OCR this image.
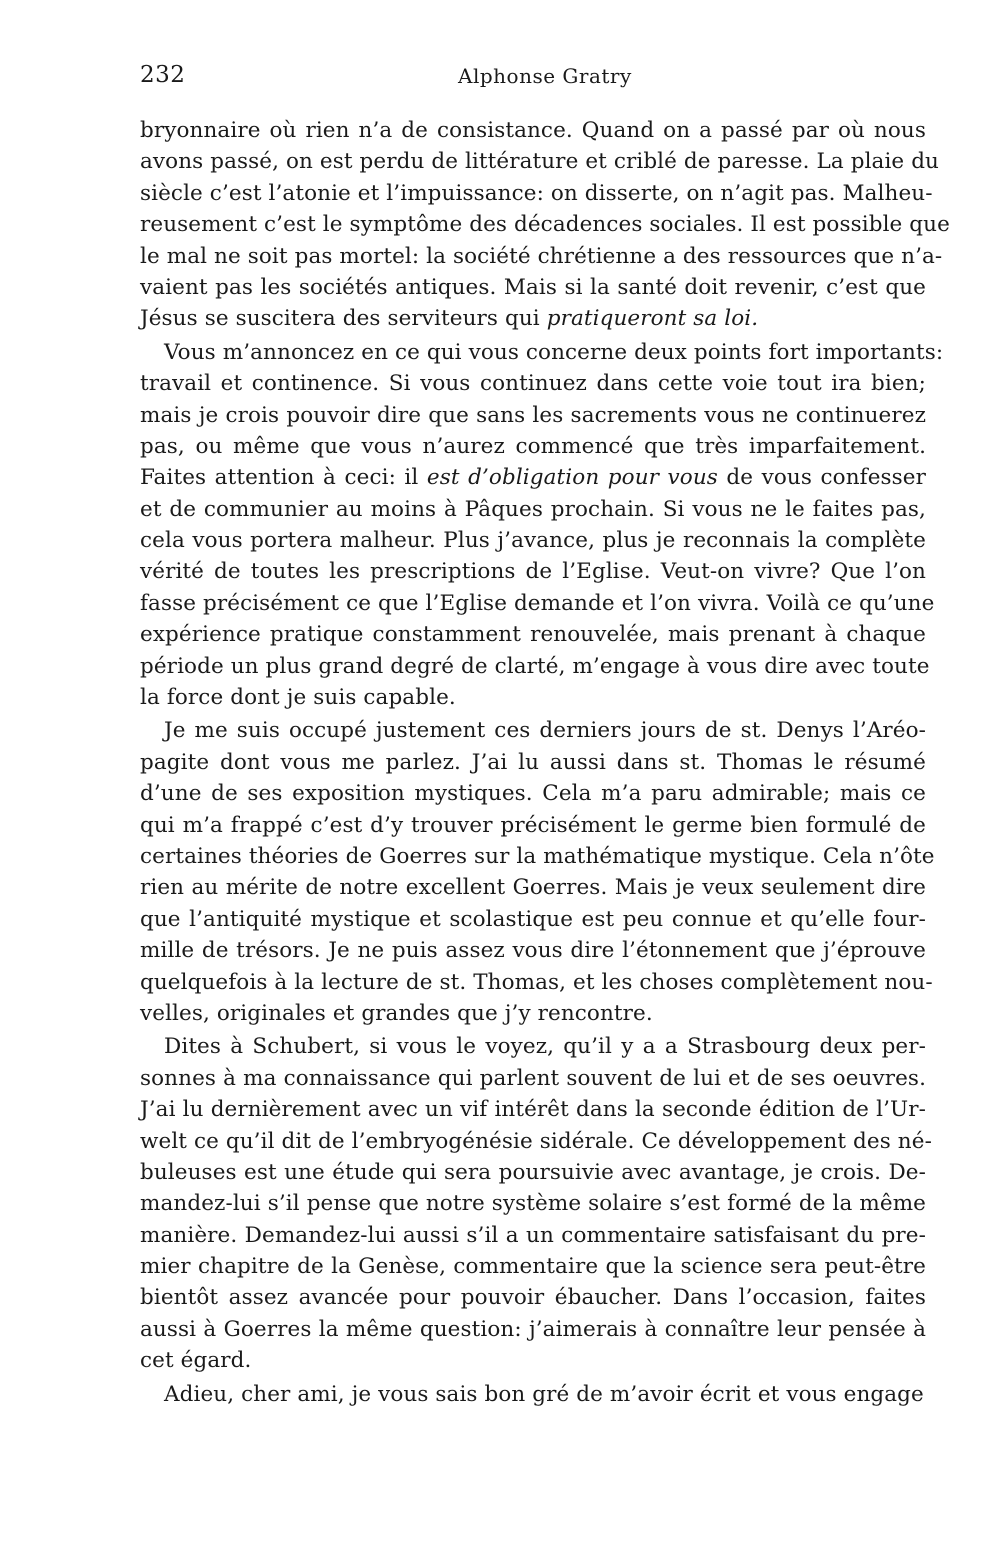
232	Alphonse Gratry
bryonnaire où rien n’a de consistance. Quand on a passé par où nous
avons passé, on est perdu de littérature et criblé de paresse. La plaie du
siècle c’est l’atonie et l’impuissance: on disserte, on n’agit pas. Malheu-
reusement c’est le symptôme des décadences sociales. Il est possible que
le mal ne soit pas mortel: la société chrétienne a des ressources que n’a-
vaient pas les sociétés antiques. Mais si la santé doit revenir, c’est que
Jésus se suscitera des serviteurs qui pratiqueront sa loi.
Vous m’annoncez en ce qui vous concerne deux points fort importants:
travail et continence. Si vous continuez dans cette voie tout ira bien;
mais je crois pouvoir dire que sans les sacrements vous ne continuerez
pas, ou même que vous n’aurez commencé que très imparfaitement.
Faites attention à ceci: il est d’obligation pour vous de vous confesser
et de communier au moins à Pâques prochain. Si vous ne le faites pas,
cela vous portera malheur. Plus j’avance, plus je reconnais la complète
vérité de toutes les prescriptions de l’Eglise. Veut-on vivre? Que l’on
fasse précisément ce que l’Eglise demande et l’on vivra. Voilà ce qu’une
expérience pratique constamment renouvelée, mais prenant à chaque
période un plus grand degré de clarté, m’engage à vous dire avec toute
la force dont je suis capable.
Je me suis occupé justement ces derniers jours de st. Denys l’Aréo-
pagite dont vous me parlez. J’ai lu aussi dans st. Thomas le résumé
d’une de ses exposition mystiques. Cela m’a paru admirable; mais ce
qui m’a frappé c’est d’y trouver précisément le germe bien formulé de
certaines théories de Goerres sur la mathématique mystique. Cela n’ôte
rien au mérite de notre excellent Goerres. Mais je veux seulement dire
que l’antiquité mystique et scolastique est peu connue et qu’elle four-
mille de trésors. Je ne puis assez vous dire l’étonnement que j’éprouve
quelquefois à la lecture de st. Thomas, et les choses complètement nou-
velles, originales et grandes que j’y rencontre.
Dites à Schubert, si vous le voyez, qu’il y a a Strasbourg deux per-
sonnes à ma connaissance qui parlent souvent de lui et de ses oeuvres.
J’ai lu dernièrement avec un vif intérêt dans la seconde édition de l’Ur-
welt ce qu’il dit de l’embryogénésie sidérale. Ce développement des né-
buleuses est une étude qui sera poursuivie avec avantage, je crois. De-
mandez-lui s’il pense que notre système solaire s’est formé de la même
manière. Demandez-lui aussi s’il a un commentaire satisfaisant du pre-
mier chapitre de la Genèse, commentaire que la science sera peut-être
bientôt assez avancée pour pouvoir ébaucher. Dans l’occasion, faites
aussi à Goerres la même question: j’aimerais à connaître leur pensée à
cet égard.
Adieu, cher ami, je vous sais bon gré de m’avoir écrit et vous engage
